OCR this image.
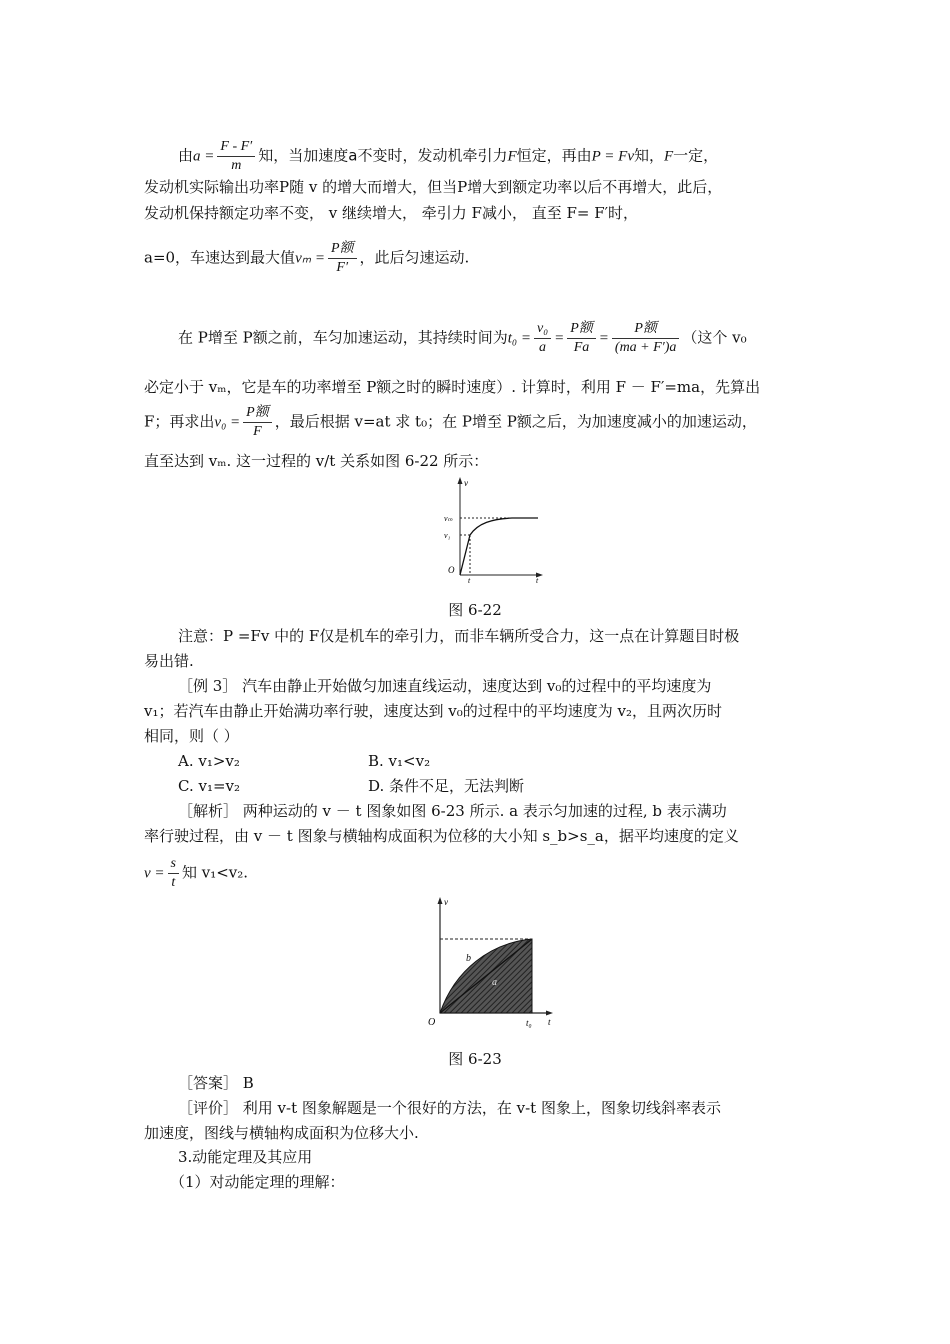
由$a = \frac{F - F'}{m}$ 知，当加速度a不变时，发动机牵引力F恒定，再由P = Fv知，F一定，
发动机实际输出功率P随 v 的增大而增大，但当P增大到额定功率以后不再增大，此后，
发动机保持额定功率不变， v 继续增大， 牵引力 F减小， 直至 F= F′时，
a=0，车速达到最大值$v_m = \frac{\text{P额}}{F'}$ ，此后匀速运动.
在 P增至 P额之前，车匀加速运动，其持续时间为$t_0 = \frac{\text{v₀}}{a} = \frac{\text{P额}}{Fa} = \frac{\text{P额}}{(ma + F')a}$ （这个 v₀
必定小于 vₘ，它是车的功率增至 P额之时的瞬时速度）. 计算时，利用 F － F′=ma，先算出
F；再求出$v_0 = \frac{\text{P额}}{F}$ ，最后根据 v=at 求 t₀；在 P增至 P额之后，为加速度减小的加速运动，
直至达到 vₘ. 这一过程的 v/t 关系如图 6-22 所示：
v
vₘ
v₁
O
t	t
图 6-22
注意：P =Fv 中的 F仅是机车的牵引力，而非车辆所受合力，这一点在计算题目时极
易出错.
［例 3］ 汽车由静止开始做匀加速直线运动，速度达到 v₀的过程中的平均速度为
v₁；若汽车由静止开始满功率行驶，速度达到 v₀的过程中的平均速度为 v₂，且两次历时
相同，则（ ）
A. v₁>v₂	B. v₁<v₂
C. v₁=v₂	D. 条件不足，无法判断
［解析］ 两种运动的 v － t 图象如图 6-23 所示. a 表示匀加速的过程, b 表示满功
率行驶过程，由 v － t 图象与横轴构成面积为位移的大小知 s_b>s_a，据平均速度的定义
$v = \frac{s}{t}$ 知 v₁<v₂.
v
b
a
O	t₀ t
图 6-23
［答案］ B
［评价］ 利用 v-t 图象解题是一个很好的方法，在 v-t 图象上，图象切线斜率表示
加速度，图线与横轴构成面积为位移大小.
3.动能定理及其应用
（1）对动能定理的理解：
